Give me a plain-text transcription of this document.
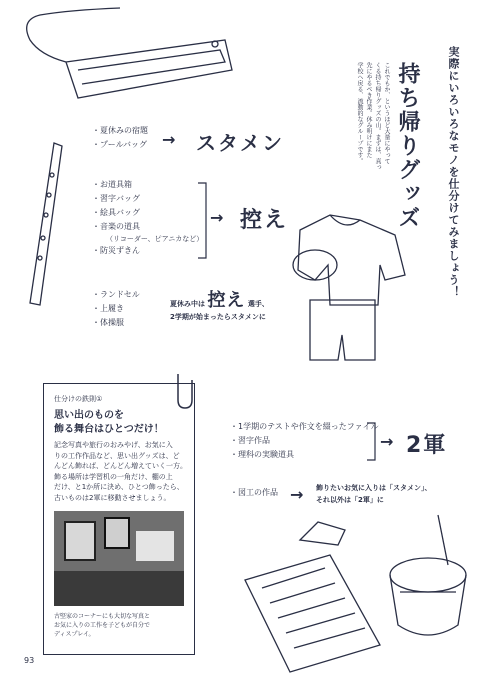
持ち帰りグッズ 実際にいろいろなモノを仕分けてみましょう！
これでもか、というほど大量にやって
くる持ち帰りグッズの山。まずは、真っ
先にやるべき作業。休み明けにまた
学校へ戻る、流動的なグループです。
・ 夏休みの宿題
・ プールバッグ → スタメン
・ お道具箱
・ 習字バッグ
・ 絵具バッグ
・ 音楽の道具
（リコーダー、ピアニカなど）
・ 防災ずきん
→ 控え
・ ランドセル
・ 上履き
・ 体操服
夏休み中は 控え 選手、
2学期が始まったらスタメンに
仕分けの鉄則①
思い出のものを
飾る舞台はひとつだけ！
記念写真や旅行のおみやげ、お気に入
りの工作作品など、思い出グッズは、ど
んどん飾れば、どんどん増えていく一方。
飾る場所は学習机の一角だけ、棚の上
だけ、と1か所に決め、ひとつ飾ったら、
古いものは2軍に移動させましょう。
古堅家のコーナーにも大切な写真と
お気に入りの工作を子どもが自分で
ディスプレイ。
・ 1学期のテストや作文を綴ったファイル
・ 習字作品
・ 理科の実験道具
→ 2軍
・ 図工の作品 → 飾りたいお気に入りは「スタメン」、
それ以外は「2軍」に
93
